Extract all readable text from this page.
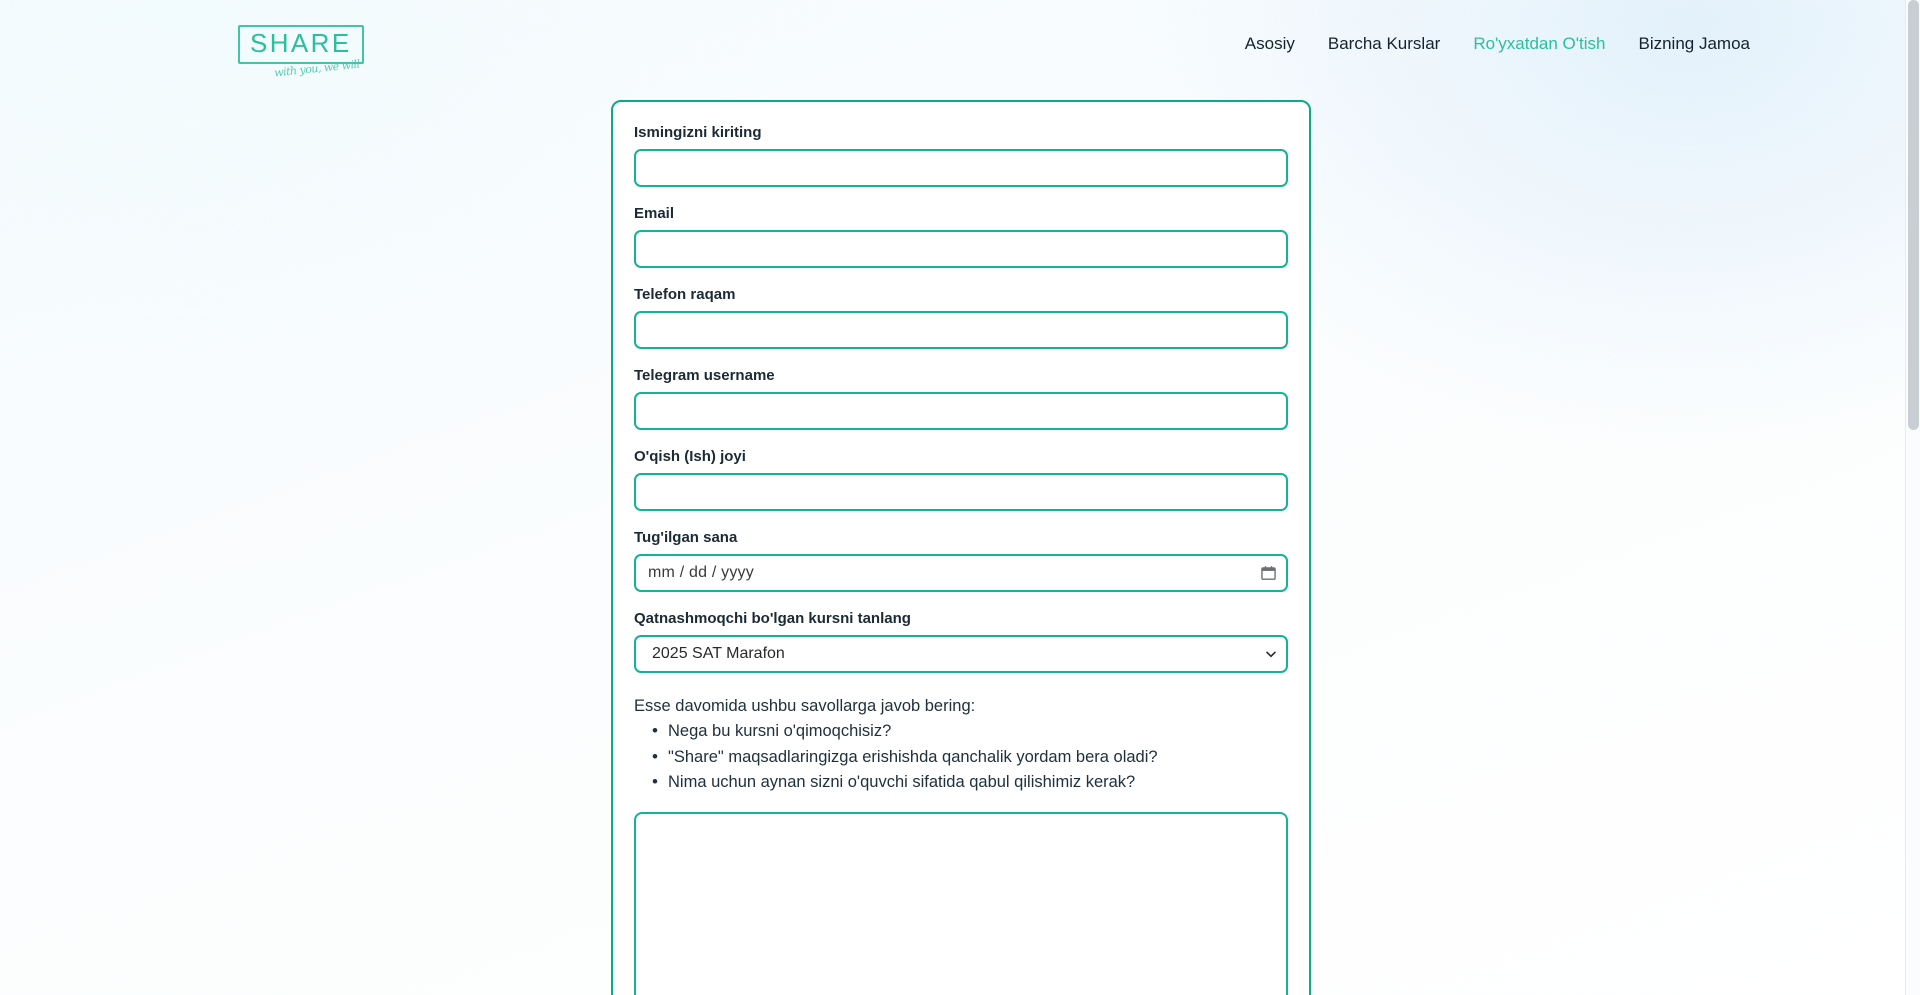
SHARE
with you, we will
Asosiy Barcha Kurslar Ro'yxatdan O'tish Bizning Jamoa
Ismingizni kiriting
Email
Telefon raqam
Telegram username
O'qish (Ish) joyi
Tug'ilgan sana
mm / dd / yyyy
Qatnashmoqchi bo'lgan kursni tanlang
2025 SAT Marafon

Esse davomida ushbu savollarga javob bering:

• Nega bu kursni o'qimoqchisiz?
• "Share" maqsadlaringizga erishishda qanchalik yordam bera oladi?
• Nima uchun aynan sizni o'quvchi sifatida qabul qilishimiz kerak?
